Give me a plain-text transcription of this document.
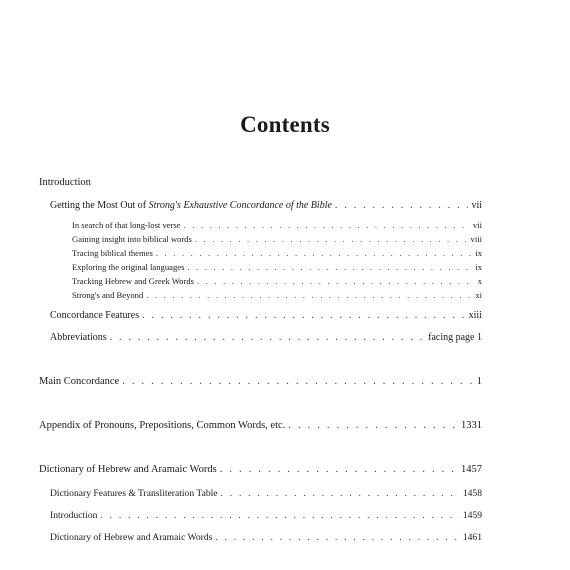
Contents
Introduction
Getting the Most Out of Strong's Exhaustive Concordance of the Bible . . .	vii
In search of that long-lost verse . . .	vii
Gaining insight into biblical words . . .	viii
Tracing biblical themes . . .	ix
Exploring the original languages . . .	ix
Tracking Hebrew and Greek Words . . .	x
Strong's and Beyond . . .	xi
Concordance Features . . .	xiii
Abbreviations . . .	facing page 1
Main Concordance . . .	1
Appendix of Pronouns, Prepositions, Common Words, etc. . . .	1331
Dictionary of Hebrew and Aramaic Words . . .	1457
Dictionary Features & Transliteration Table . . .	1458
Introduction . . .	1459
Dictionary of Hebrew and Aramaic Words . . .	1461
